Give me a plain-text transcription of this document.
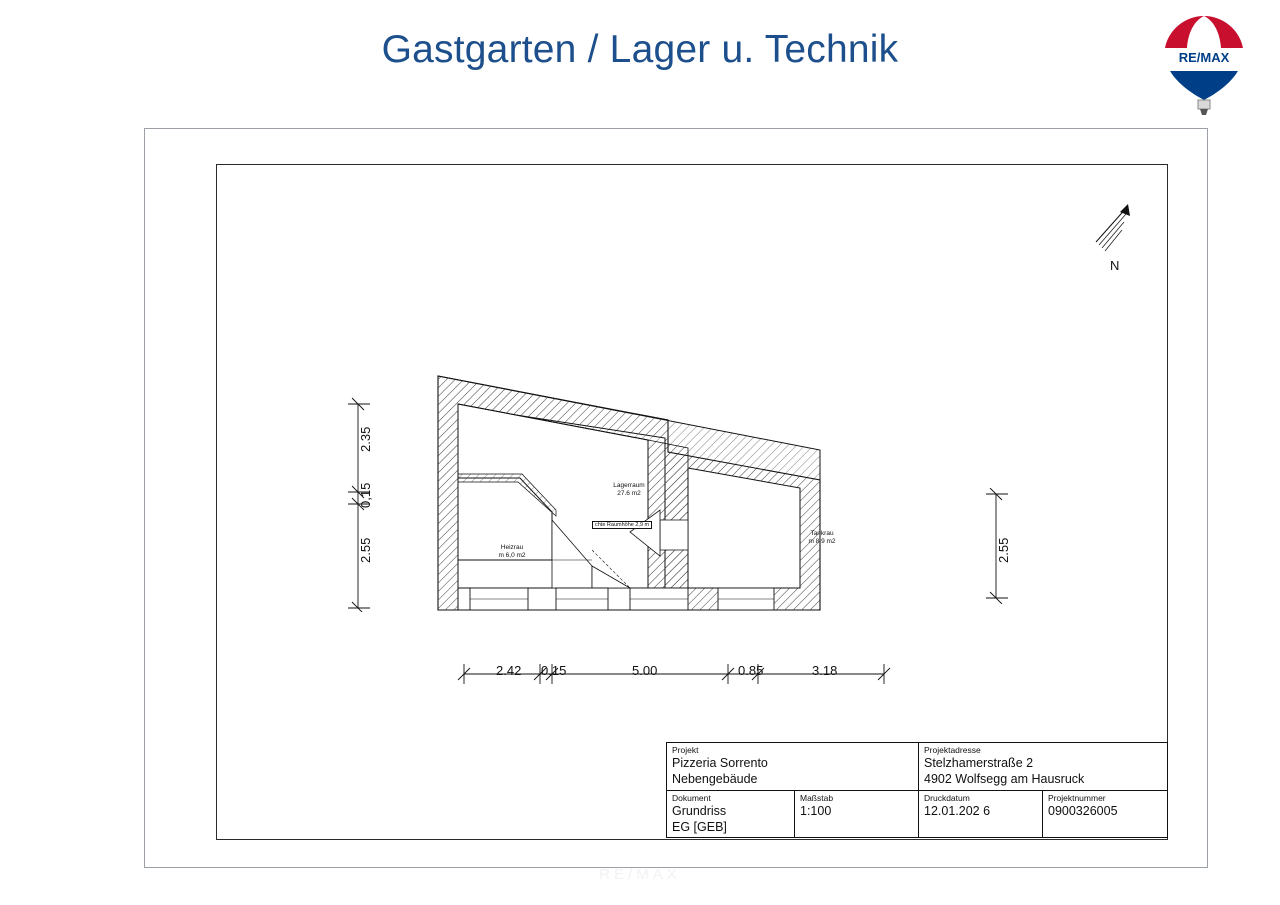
Gastgarten / Lager u. Technik	RE/MAX
N
Lagerraum
27.6 m2
Heizrau
m 6,0 m2
Tankrau
m 8,9 m2
chte Raumhöhe 2,9 m
2.35
0,15
2.55	2.55
2.42 0.15	5.00	0.85	3.18
Projekt
Pizzeria Sorrento
Nebengebäude
Projektadresse
Stelzhamerstraße 2
4902 Wolfsegg am Hausruck
Dokument
Grundriss
EG [GEB]
Maßstab
1:100
Druckdatum
12.01.202 6
Projektnummer
0900326005
RE/MAX
